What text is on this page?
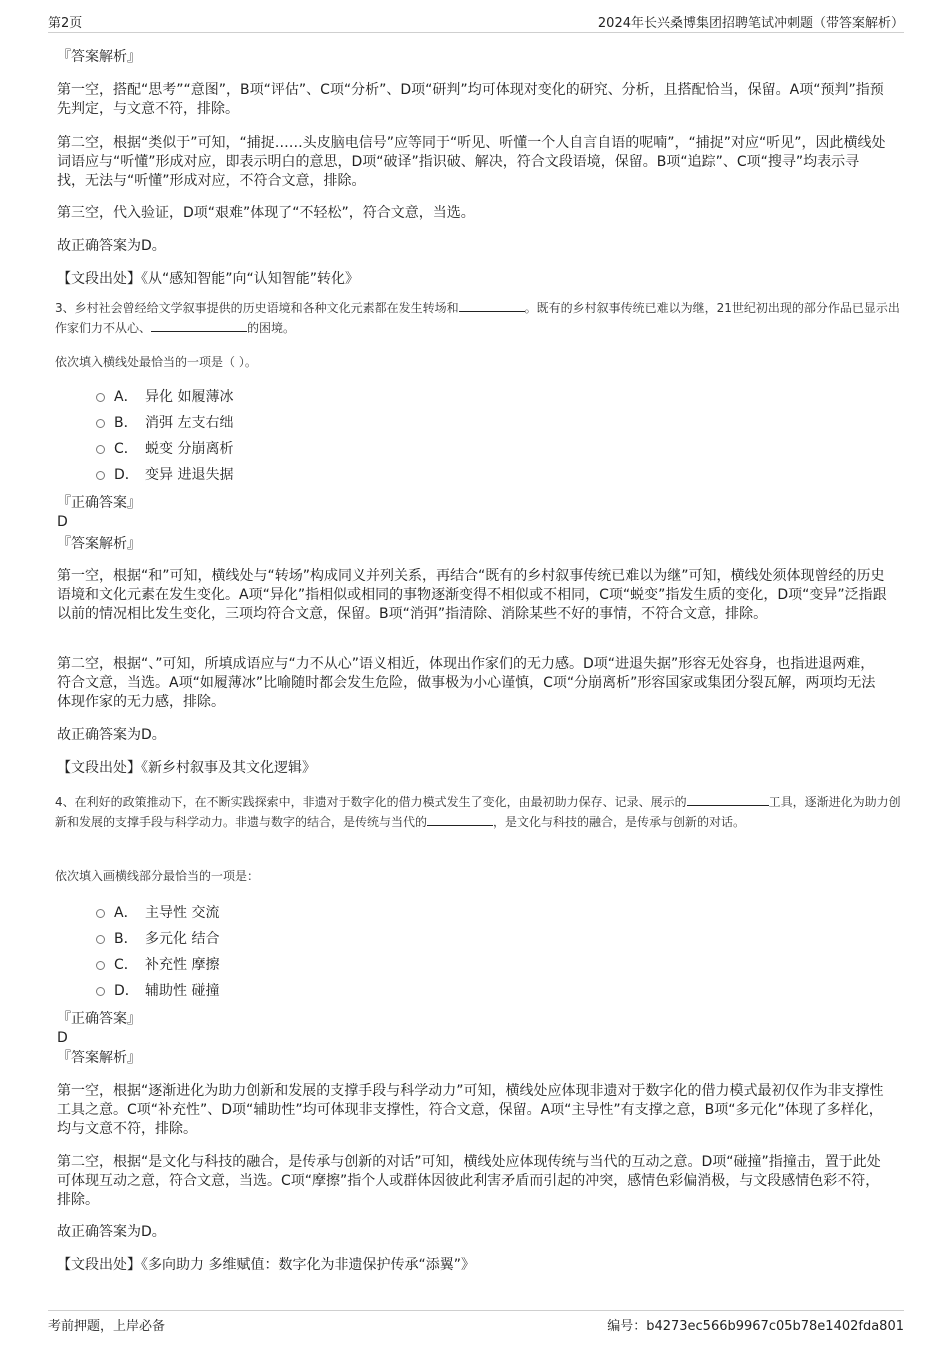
第2页	2024年长兴桑博集团招聘笔试冲刺题（带答案解析）
『答案解析』
第一空，搭配“思考”“意图”，B项“评估”、C项“分析”、D项“研判”均可体现对变化的研究、分析，且搭配恰当，保留。A项“预判”指预先判定，与文意不符，排除。
第二空，根据“类似于”可知，“捕捉……头皮脑电信号”应等同于“听见、听懂一个人自言自语的呢喃”，“捕捉”对应“听见”，因此横线处词语应与“听懂”形成对应，即表示明白的意思，D项“破译”指识破、解决，符合文段语境，保留。B项“追踪”、C项“搜寻”均表示寻找，无法与“听懂”形成对应，不符合文意，排除。
第三空，代入验证，D项“艰难”体现了“不轻松”，符合文意，当选。
故正确答案为D。
【文段出处】《从“感知智能”向“认知智能”转化》
3、乡村社会曾经给文学叙事提供的历史语境和各种文化元素都在发生转场和	。既有的乡村叙事传统已难以为继，21世纪初出现的部分作品已显示出作家们力不从心、	的困境。
依次填入横线处最恰当的一项是（ ）。
A． 异化 如履薄冰
B． 消弭 左支右绌
C． 蜕变 分崩离析
D． 变异 进退失据
『正确答案』
D
『答案解析』
第一空，根据“和”可知，横线处与“转场”构成同义并列关系，再结合“既有的乡村叙事传统已难以为继”可知，横线处须体现曾经的历史语境和文化元素在发生变化。A项“异化”指相似或相同的事物逐渐变得不相似或不相同，C项“蜕变”指发生质的变化，D项“变异”泛指跟以前的情况相比发生变化，三项均符合文意，保留。B项“消弭”指清除、消除某些不好的事情，不符合文意，排除。
第二空，根据“、”可知，所填成语应与“力不从心”语义相近，体现出作家们的无力感。D项“进退失据”形容无处容身，也指进退两难，符合文意，当选。A项“如履薄冰”比喻随时都会发生危险，做事极为小心谨慎，C项“分崩离析”形容国家或集团分裂瓦解，两项均无法体现作家的无力感，排除。
故正确答案为D。
【文段出处】《新乡村叙事及其文化逻辑》
4、在利好的政策推动下，在不断实践探索中，非遗对于数字化的借力模式发生了变化，由最初助力保存、记录、展示的	工具，逐渐进化为助力创新和发展的支撑手段与科学动力。非遗与数字的结合，是传统与当代的	，是文化与科技的融合，是传承与创新的对话。
依次填入画横线部分最恰当的一项是：
A． 主导性 交流
B． 多元化 结合
C． 补充性 摩擦
D． 辅助性 碰撞
『正确答案』
D
『答案解析』
第一空，根据“逐渐进化为助力创新和发展的支撑手段与科学动力”可知，横线处应体现非遗对于数字化的借力模式最初仅作为非支撑性工具之意。C项“补充性”、D项“辅助性”均可体现非支撑性，符合文意，保留。A项“主导性”有支撑之意，B项“多元化”体现了多样化，均与文意不符，排除。
第二空，根据“是文化与科技的融合，是传承与创新的对话”可知，横线处应体现传统与当代的互动之意。D项“碰撞”指撞击，置于此处可体现互动之意，符合文意，当选。C项“摩擦”指个人或群体因彼此利害矛盾而引起的冲突，感情色彩偏消极，与文段感情色彩不符，排除。
故正确答案为D。
【文段出处】《多向助力 多维赋值：数字化为非遗保护传承“添翼”》
考前押题，上岸必备	编号：b4273ec566b9967c05b78e1402fda801
